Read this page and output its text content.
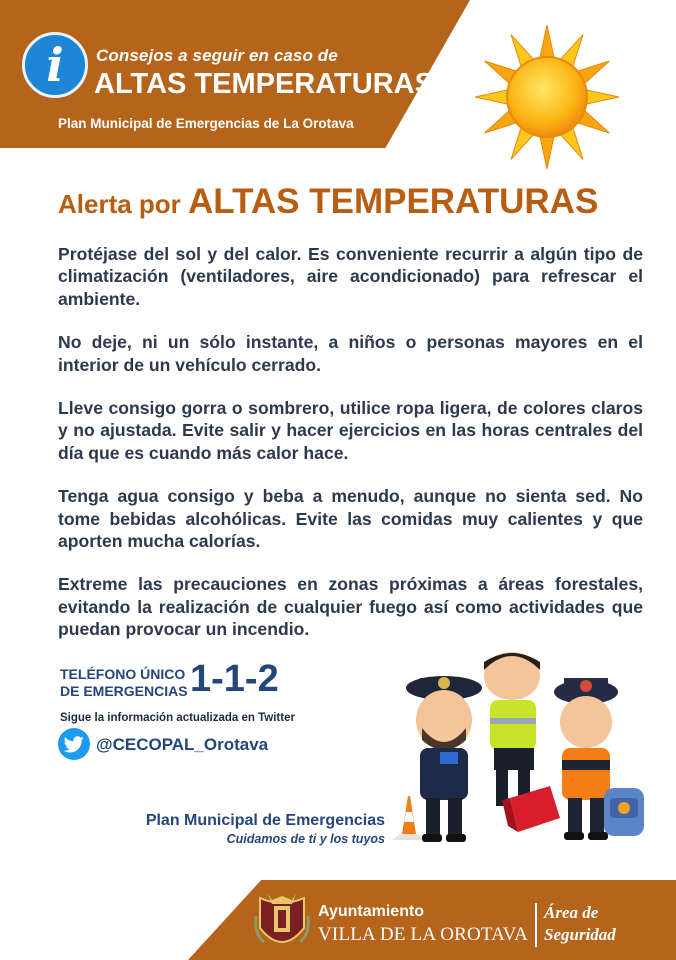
i	Consejos a seguir en caso de
ALTAS TEMPERATURAS
Plan Municipal de Emergencias de La Orotava
Alerta por ALTAS TEMPERATURAS

Protéjase del sol y del calor. Es conveniente recurrir a algún tipo de climatización (ventiladores, aire acondicionado) para refrescar el ambiente.

No deje, ni un sólo instante, a niños o personas mayores en el interior de un vehículo cerrado.

Lleve consigo gorra o sombrero, utilice ropa ligera, de colores claros y no ajustada. Evite salir y hacer ejercicios en las horas centrales del día que es cuando más calor hace.

Tenga agua consigo y beba a menudo, aunque no sienta sed. No tome bebidas alcohólicas. Evite las comidas muy calientes y que aporten mucha calorías.

Extreme las precauciones en zonas próximas a áreas forestales, evitando la realización de cualquier fuego así como actividades que puedan provocar un incendio.

TELÉFONO ÚNICO
DE EMERGENCIAS 1-1-2
Sigue la información actualizada en Twitter
@CECOPAL_Orotava
Plan Municipal de Emergencias
Cuidamos de ti y los tuyos
Ayuntamiento
VILLA DE LA OROTAVA
Área de
Seguridad
